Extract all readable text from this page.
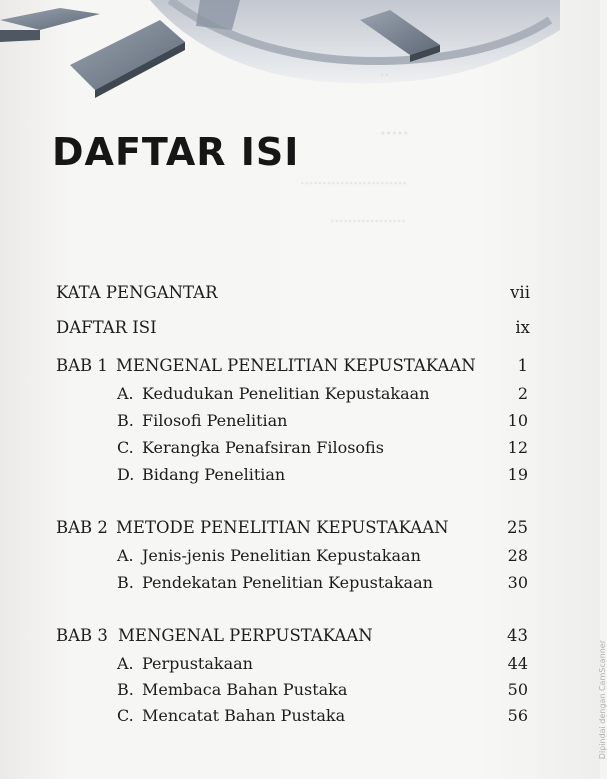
..
.....
........................
.................
DAFTAR ISI
KATA PENGANTAR	vii
DAFTAR ISI	ix
BAB 1 MENGENAL PENELITIAN KEPUSTAKAAN	1
A. Kedudukan Penelitian Kepustakaan	2
B. Filosofi Penelitian	10
C. Kerangka Penafsiran Filosofis	12
D. Bidang Penelitian	19
BAB 2 METODE PENELITIAN KEPUSTAKAAN	25
A. Jenis-jenis Penelitian Kepustakaan	28
B. Pendekatan Penelitian Kepustakaan	30
BAB 3 MENGENAL PERPUSTAKAAN	43
A. Perpustakaan	44
B. Membaca Bahan Pustaka	50
C. Mencatat Bahan Pustaka	56	Dipindai dengan CamScanner
